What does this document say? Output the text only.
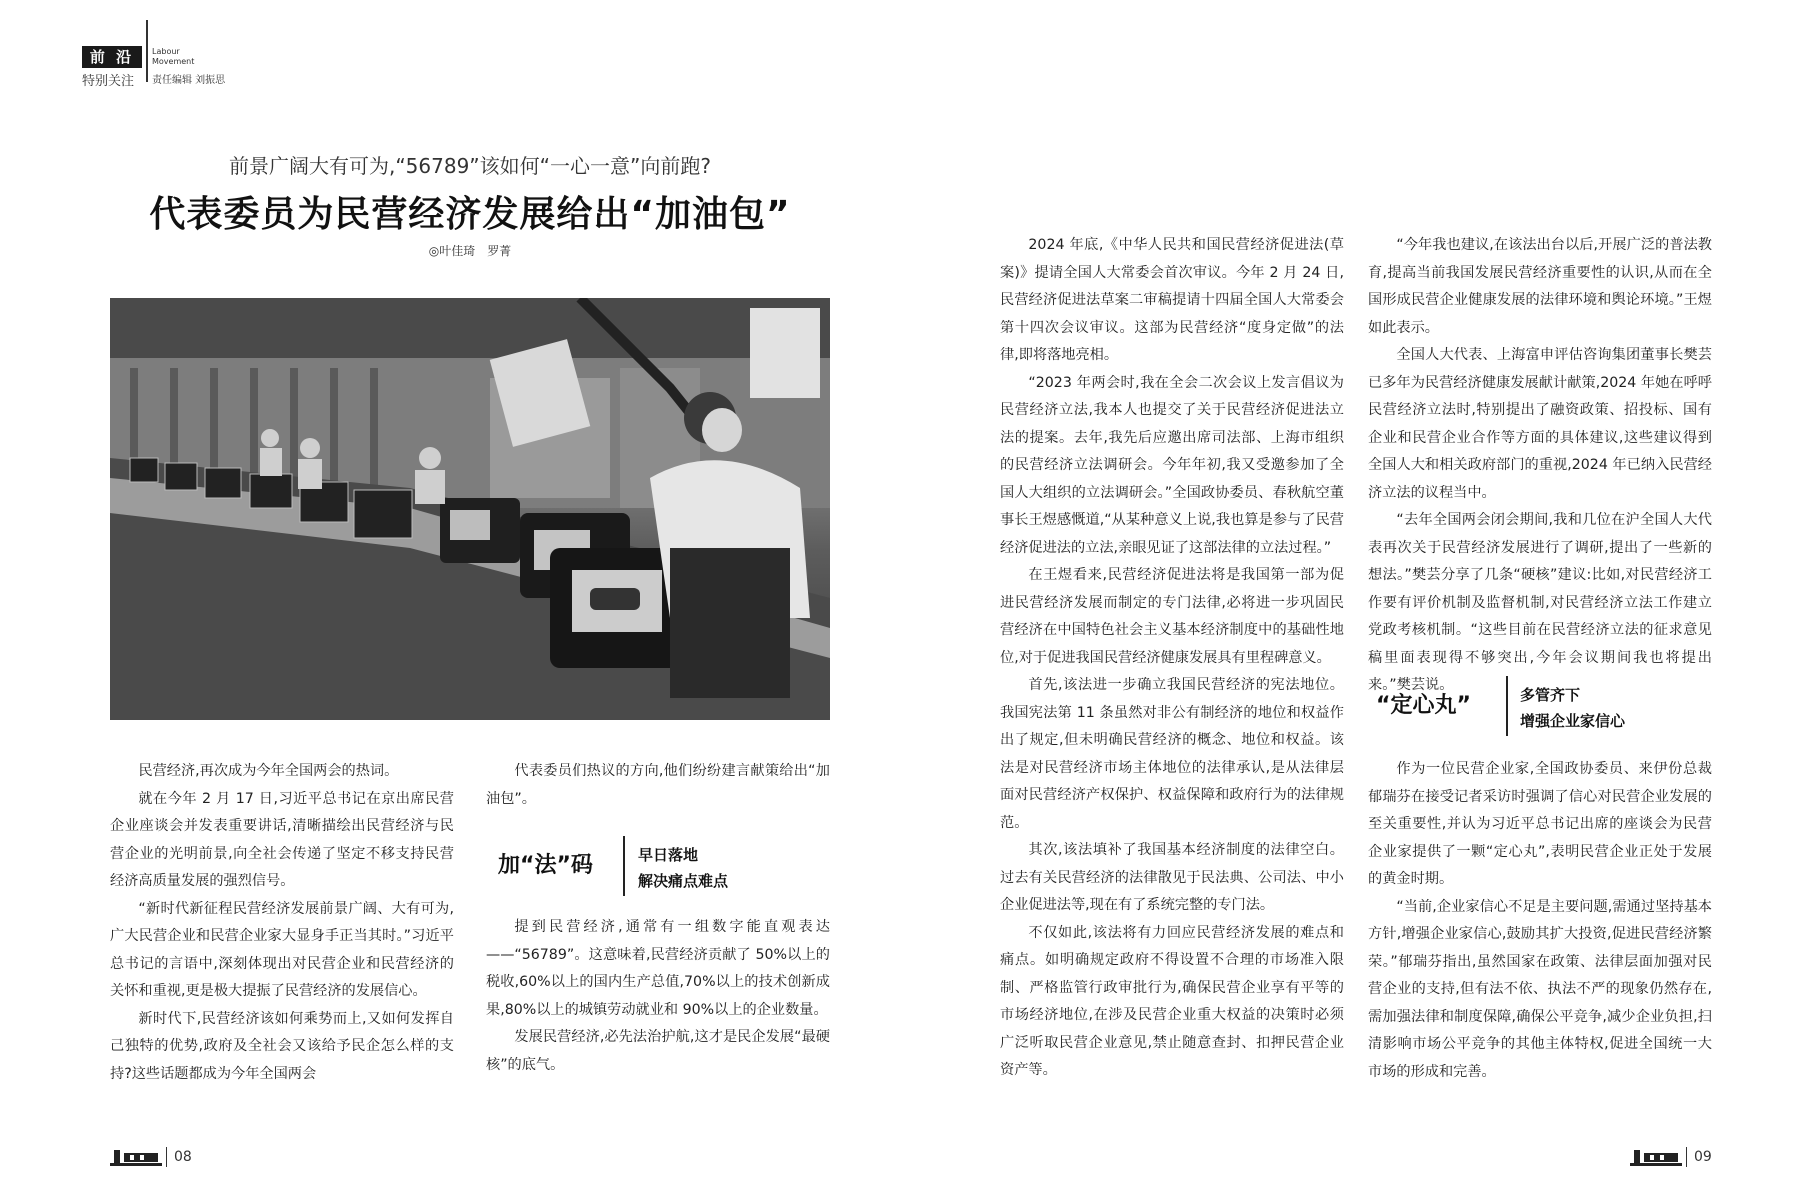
前 沿
特别关注
Labour Movement
责任编辑 刘振思
前景广阔大有可为,“56789”该如何“一心一意”向前跑?
代表委员为民营经济发展给出“加油包”
◎叶佳琦　罗菁

民营经济,再次成为今年全国两会的热词。

就在今年 2 月 17 日,习近平总书记在京出席民营企业座谈会并发表重要讲话,清晰描绘出民营经济与民营企业的光明前景,向全社会传递了坚定不移支持民营经济高质量发展的强烈信号。

“新时代新征程民营经济发展前景广阔、大有可为,广大民营企业和民营企业家大显身手正当其时。”习近平总书记的言语中,深刻体现出对民营企业和民营经济的关怀和重视,更是极大提振了民营经济的发展信心。

新时代下,民营经济该如何乘势而上,又如何发挥自己独特的优势,政府及全社会又该给予民企怎么样的支持?这些话题都成为今年全国两会

代表委员们热议的方向,他们纷纷建言献策给出“加油包”。

加“法”码	早日落地
解决痛点难点

提到民营经济,通常有一组数字能直观表达——“56789”。这意味着,民营经济贡献了 50%以上的税收,60%以上的国内生产总值,70%以上的技术创新成果,80%以上的城镇劳动就业和 90%以上的企业数量。

发展民营经济,必先法治护航,这才是民企发展“最硬核”的底气。

08

2024 年底,《中华人民共和国民营经济促进法(草案)》提请全国人大常委会首次审议。今年 2 月 24 日,民营经济促进法草案二审稿提请十四届全国人大常委会第十四次会议审议。这部为民营经济“度身定做”的法律,即将落地亮相。

“2023 年两会时,我在全会二次会议上发言倡议为民营经济立法,我本人也提交了关于民营经济促进法立法的提案。去年,我先后应邀出席司法部、上海市组织的民营经济立法调研会。今年年初,我又受邀参加了全国人大组织的立法调研会。”全国政协委员、春秋航空董事长王煜感慨道,“从某种意义上说,我也算是参与了民营经济促进法的立法,亲眼见证了这部法律的立法过程。”

在王煜看来,民营经济促进法将是我国第一部为促进民营经济发展而制定的专门法律,必将进一步巩固民营经济在中国特色社会主义基本经济制度中的基础性地位,对于促进我国民营经济健康发展具有里程碑意义。

首先,该法进一步确立我国民营经济的宪法地位。我国宪法第 11 条虽然对非公有制经济的地位和权益作出了规定,但未明确民营经济的概念、地位和权益。该法是对民营经济市场主体地位的法律承认,是从法律层面对民营经济产权保护、权益保障和政府行为的法律规范。

其次,该法填补了我国基本经济制度的法律空白。过去有关民营经济的法律散见于民法典、公司法、中小企业促进法等,现在有了系统完整的专门法。

不仅如此,该法将有力回应民营经济发展的难点和痛点。如明确规定政府不得设置不合理的市场准入限制、严格监管行政审批行为,确保民营企业享有平等的市场经济地位,在涉及民营企业重大权益的决策时必须广泛听取民营企业意见,禁止随意查封、扣押民营企业资产等。

“今年我也建议,在该法出台以后,开展广泛的普法教育,提高当前我国发展民营经济重要性的认识,从而在全国形成民营企业健康发展的法律环境和舆论环境。”王煜如此表示。

全国人大代表、上海富申评估咨询集团董事长樊芸已多年为民营经济健康发展献计献策,2024 年她在呼呼民营经济立法时,特别提出了融资政策、招投标、国有企业和民营企业合作等方面的具体建议,这些建议得到全国人大和相关政府部门的重视,2024 年已纳入民营经济立法的议程当中。

“去年全国两会闭会期间,我和几位在沪全国人大代表再次关于民营经济发展进行了调研,提出了一些新的想法。”樊芸分享了几条“硬核”建议:比如,对民营经济工作要有评价机制及监督机制,对民营经济立法工作建立党政考核机制。“这些目前在民营经济立法的征求意见稿里面表现得不够突出,今年会议期间我也将提出来。”樊芸说。

“定心丸”	多管齐下
增强企业家信心

作为一位民营企业家,全国政协委员、来伊份总裁郁瑞芬在接受记者采访时强调了信心对民营企业发展的至关重要性,并认为习近平总书记出席的座谈会为民营企业家提供了一颗“定心丸”,表明民营企业正处于发展的黄金时期。

“当前,企业家信心不足是主要问题,需通过坚持基本方针,增强企业家信心,鼓励其扩大投资,促进民营经济繁荣。”郁瑞芬指出,虽然国家在政策、法律层面加强对民营企业的支持,但有法不依、执法不严的现象仍然存在,需加强法律和制度保障,确保公平竞争,减少企业负担,扫清影响市场公平竞争的其他主体特权,促进全国统一大市场的形成和完善。

09
